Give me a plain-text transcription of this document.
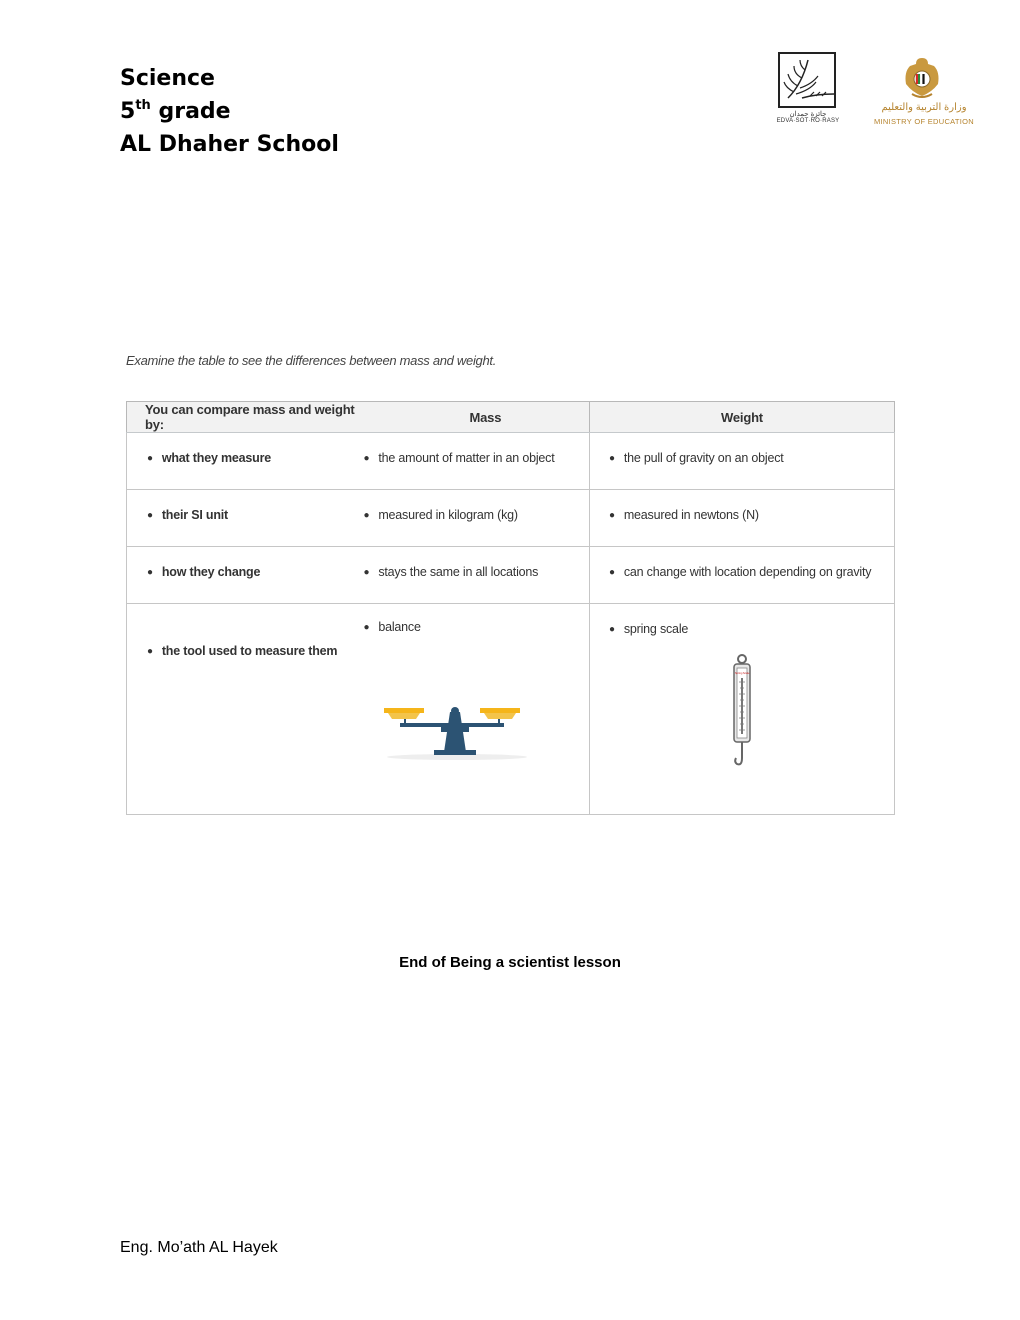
Science
5th grade
AL Dhaher School
جائزة حمدان
EDVA·SOT·RO·RASY
وزارة التربية والتعليم
MINISTRY OF EDUCATION
Examine the table to see the differences between mass and weight.
You can compare mass and weight by:	Mass	Weight

● what they measure	● the amount of matter in an object	● the pull of gravity on an object

● their SI unit	● measured in kilogram (kg)	● measured in newtons (N)

● how they change	● stays the same in all locations	● can change with location depending on gravity

● the tool used to measure them	● balance	● spring scale
Spring Scale
End of Being a scientist lesson
Eng. Mo’ath AL Hayek
